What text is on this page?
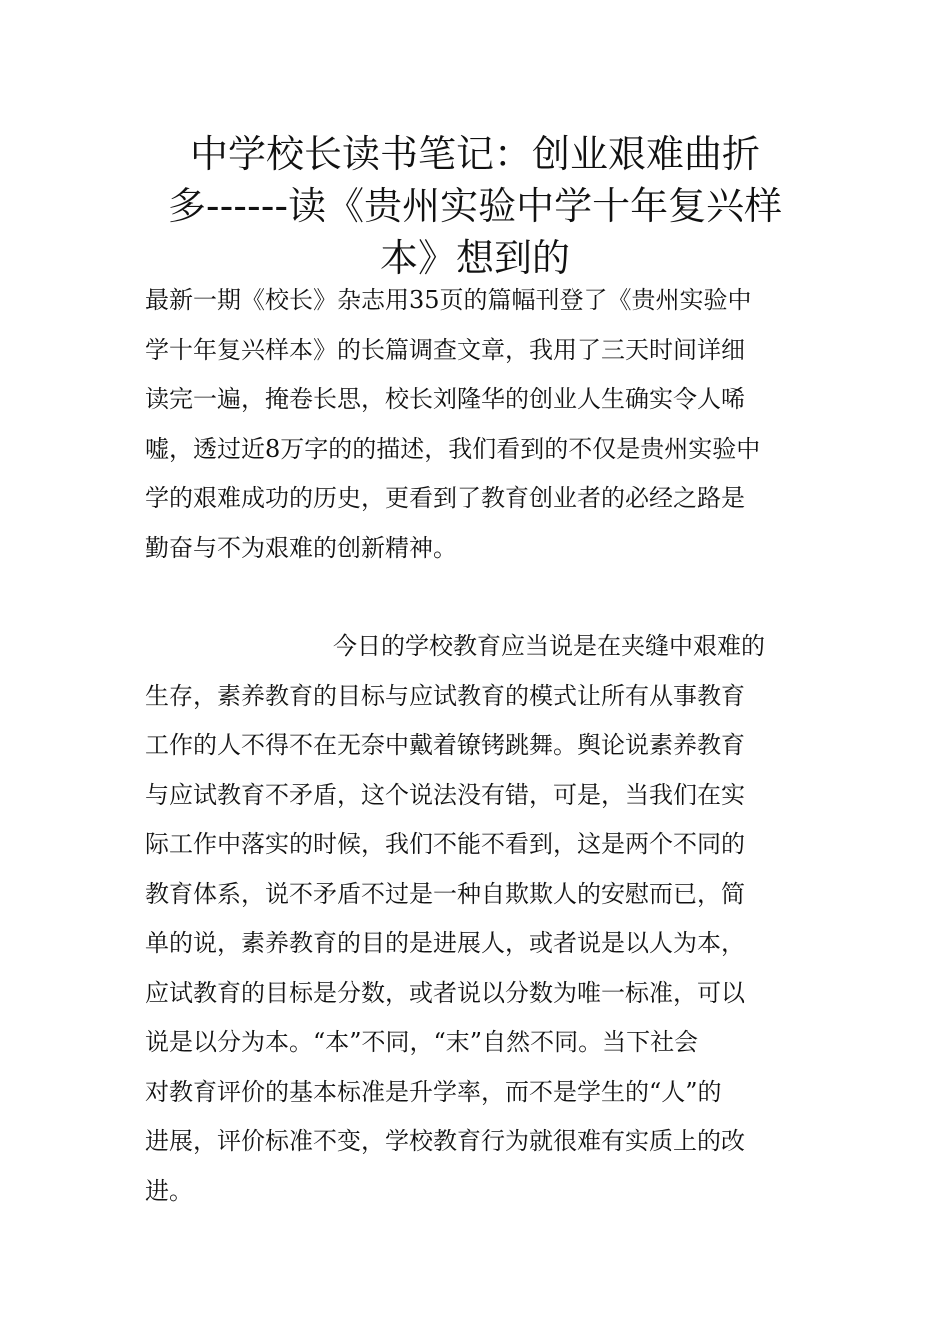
中学校长读书笔记：创业艰难曲折
多------读《贵州实验中学十年复兴样
本》想到的

最新一期《校长》杂志用35页的篇幅刊登了《贵州实验中
学十年复兴样本》的长篇调查文章，我用了三天时间详细
读完一遍，掩卷长思，校长刘隆华的创业人生确实令人唏
嘘，透过近8万字的的描述，我们看到的不仅是贵州实验中
学的艰难成功的历史，更看到了教育创业者的必经之路是
勤奋与不为艰难的创新精神。

今日的学校教育应当说是在夹缝中艰难的
生存，素养教育的目标与应试教育的模式让所有从事教育
工作的人不得不在无奈中戴着镣铐跳舞。舆论说素养教育
与应试教育不矛盾，这个说法没有错，可是，当我们在实
际工作中落实的时候，我们不能不看到，这是两个不同的
教育体系，说不矛盾不过是一种自欺欺人的安慰而已，简
单的说，素养教育的目的是进展人，或者说是以人为本，
应试教育的目标是分数，或者说以分数为唯一标准，可以
说是以分为本。“本”不同，“末”自然不同。当下社会
对教育评价的基本标准是升学率，而不是学生的“人”的
进展，评价标准不变，学校教育行为就很难有实质上的改
进。
